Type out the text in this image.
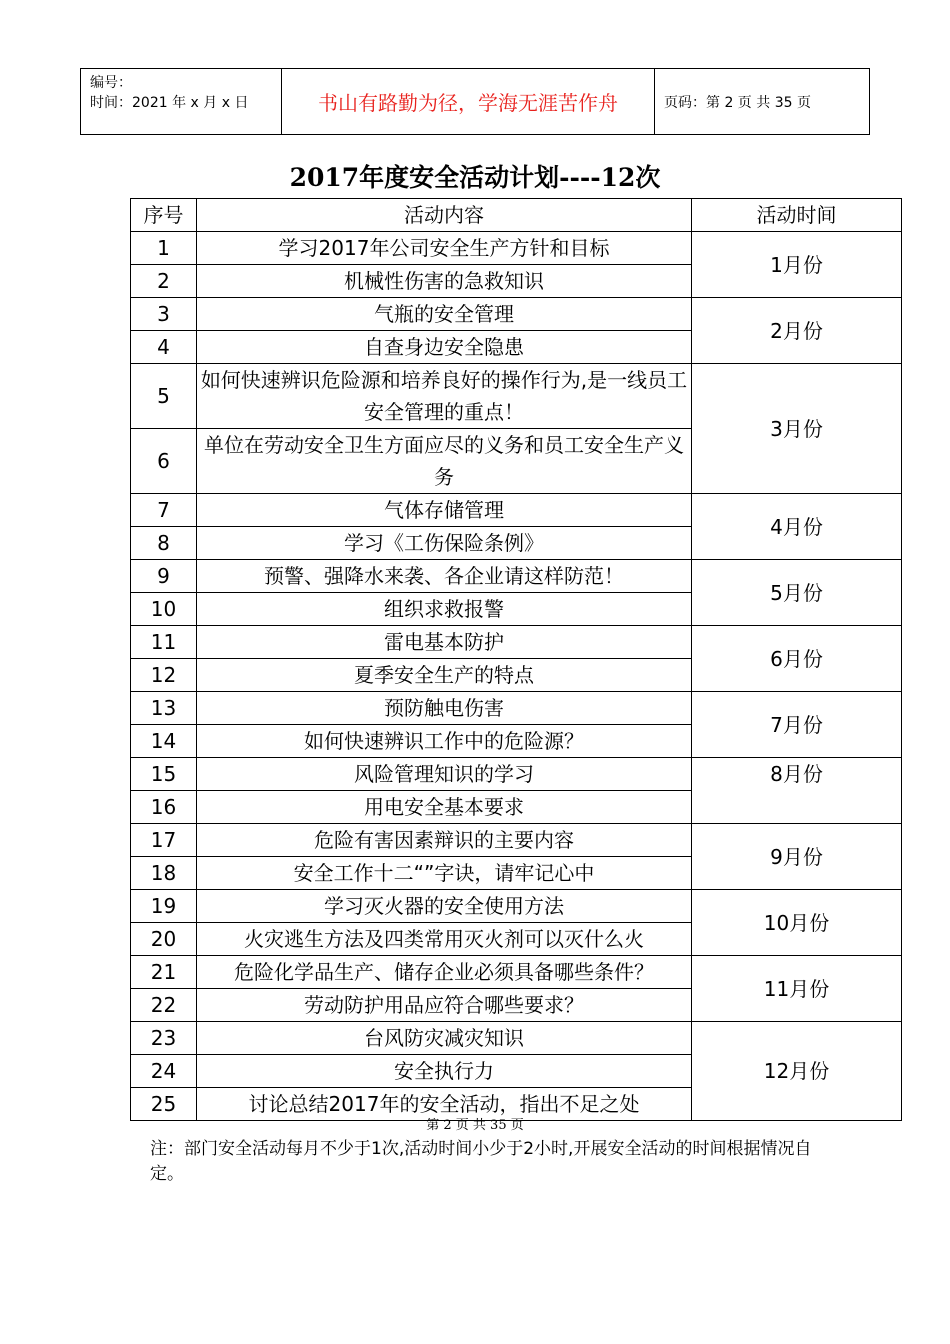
编号：
时间：2021 年 x 月 x 日	书山有路勤为径，学海无涯苦作舟	页码：第 2 页 共 35 页
2017年度安全活动计划----12次
序号	活动内容	活动时间
1	学习2017年公司安全生产方针和目标	1月份
2	机械性伤害的急救知识	
3	气瓶的安全管理	2月份
4	自查身边安全隐患	
5	如何快速辨识危险源和培养良好的操作行为,是一线员工安全管理的重点！	3月份
6	单位在劳动安全卫生方面应尽的义务和员工安全生产义务	
7	气体存储管理	4月份
8	学习《工伤保险条例》	
9	预警、强降水来袭、各企业请这样防范！	5月份
10	组织求救报警	
11	雷电基本防护	6月份
12	夏季安全生产的特点	
13	预防触电伤害	7月份
14	如何快速辨识工作中的危险源？	
15	风险管理知识的学习	8月份
16	用电安全基本要求	
17	危险有害因素辩识的主要内容	9月份
18	安全工作十二“”字诀，请牢记心中	
19	学习灭火器的安全使用方法	10月份
20	火灾逃生方法及四类常用灭火剂可以灭什么火	
21	危险化学品生产、储存企业必须具备哪些条件？	11月份
22	劳动防护用品应符合哪些要求？	
23	台风防灾减灾知识	12月份
24	安全执行力	
25	讨论总结2017年的安全活动，指出不足之处	
第 2 页 共 35 页
注：部门安全活动每月不少于1次,活动时间小少于2小时,开展安全活动的时间根据情况自定。
